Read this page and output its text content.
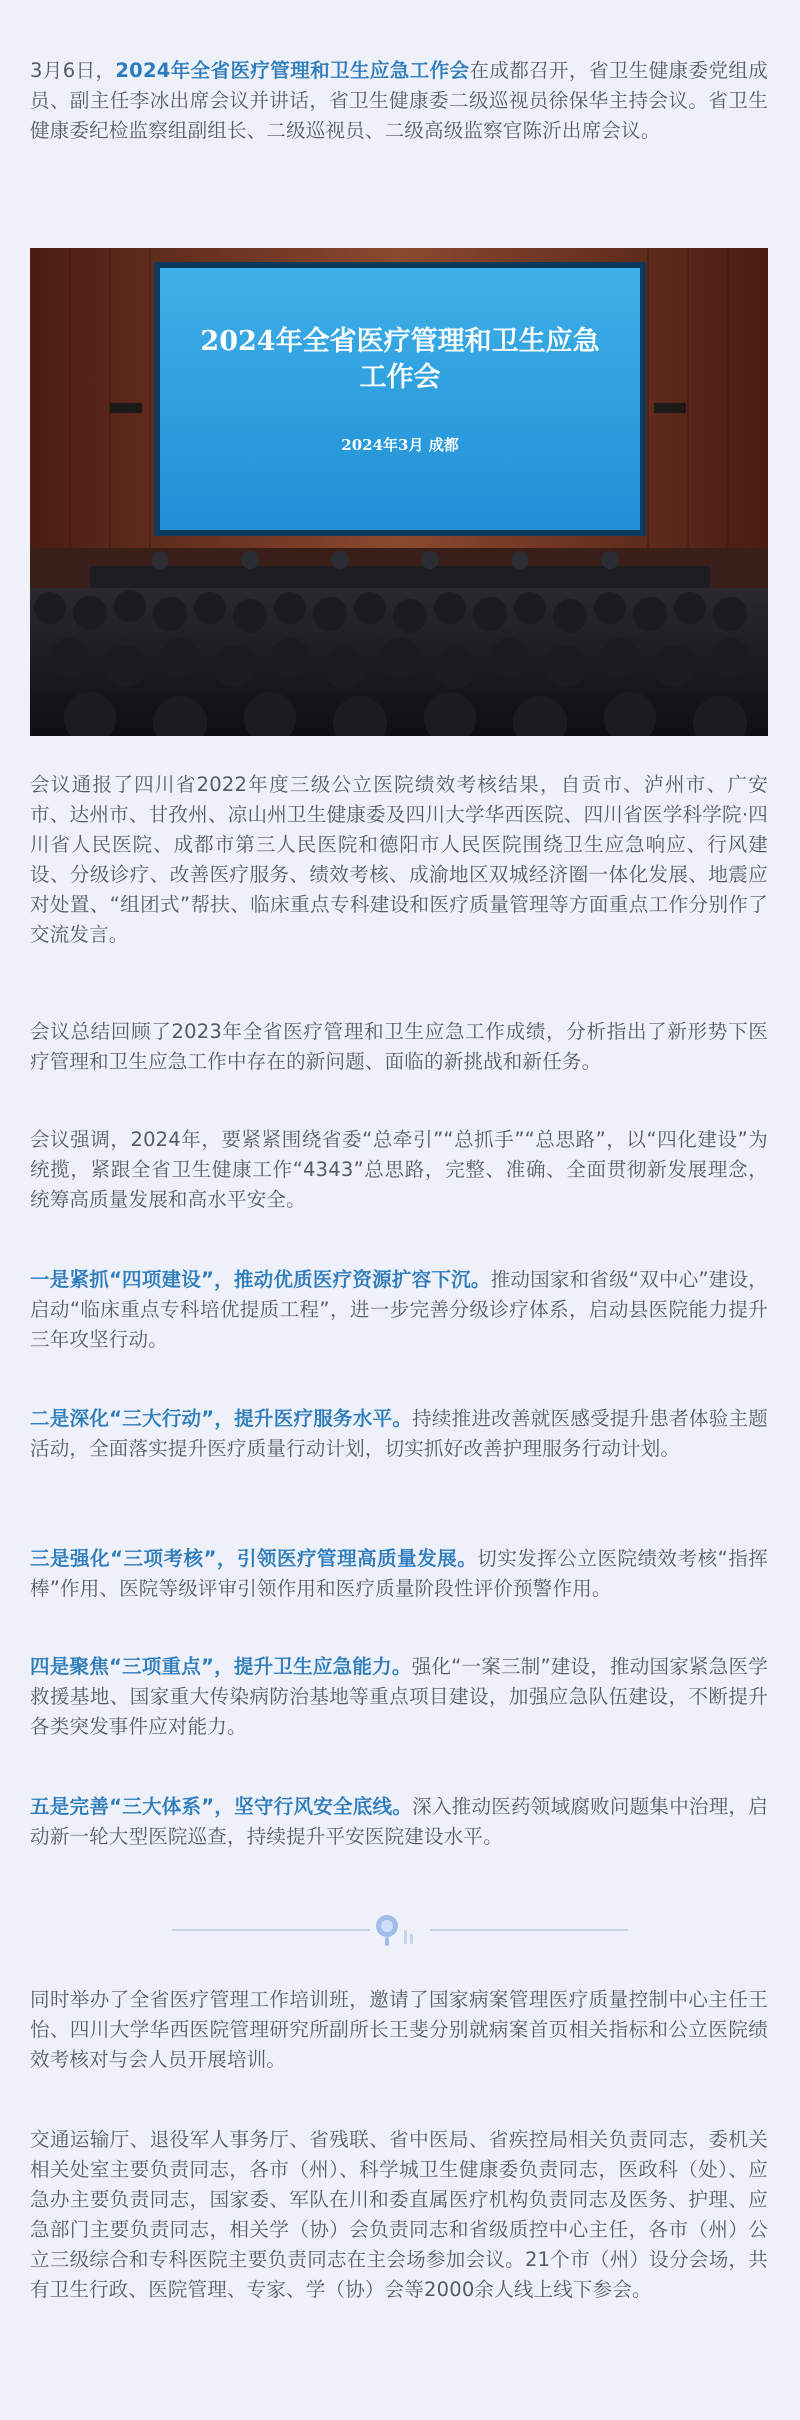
3月6日，2024年全省医疗管理和卫生应急工作会在成都召开，省卫生健康委党组成员、副主任李冰出席会议并讲话，省卫生健康委二级巡视员徐保华主持会议。省卫生健康委纪检监察组副组长、二级巡视员、二级高级监察官陈沂出席会议。

2024年全省医疗管理和卫生应急
工作会
2024年3月 成都

会议通报了四川省2022年度三级公立医院绩效考核结果，自贡市、泸州市、广安市、达州市、甘孜州、凉山州卫生健康委及四川大学华西医院、四川省医学科学院·四川省人民医院、成都市第三人民医院和德阳市人民医院围绕卫生应急响应、行风建设、分级诊疗、改善医疗服务、绩效考核、成渝地区双城经济圈一体化发展、地震应对处置、“组团式”帮扶、临床重点专科建设和医疗质量管理等方面重点工作分别作了交流发言。

会议总结回顾了2023年全省医疗管理和卫生应急工作成绩，分析指出了新形势下医疗管理和卫生应急工作中存在的新问题、面临的新挑战和新任务。

会议强调，2024年，要紧紧围绕省委“总牵引”“总抓手”“总思路”，以“四化建设”为统揽，紧跟全省卫生健康工作“4343”总思路，完整、准确、全面贯彻新发展理念，统筹高质量发展和高水平安全。

一是紧抓“四项建设”，推动优质医疗资源扩容下沉。推动国家和省级“双中心”建设，启动“临床重点专科培优提质工程”，进一步完善分级诊疗体系，启动县医院能力提升三年攻坚行动。

二是深化“三大行动”，提升医疗服务水平。持续推进改善就医感受提升患者体验主题活动，全面落实提升医疗质量行动计划，切实抓好改善护理服务行动计划。

三是强化“三项考核”，引领医疗管理高质量发展。切实发挥公立医院绩效考核“指挥棒”作用、医院等级评审引领作用和医疗质量阶段性评价预警作用。

四是聚焦“三项重点”，提升卫生应急能力。强化“一案三制”建设，推动国家紧急医学救援基地、国家重大传染病防治基地等重点项目建设，加强应急队伍建设，不断提升各类突发事件应对能力。

五是完善“三大体系”，坚守行风安全底线。深入推动医药领域腐败问题集中治理，启动新一轮大型医院巡查，持续提升平安医院建设水平。

同时举办了全省医疗管理工作培训班，邀请了国家病案管理医疗质量控制中心主任王怡、四川大学华西医院管理研究所副所长王斐分别就病案首页相关指标和公立医院绩效考核对与会人员开展培训。

交通运输厅、退役军人事务厅、省残联、省中医局、省疾控局相关负责同志，委机关相关处室主要负责同志，各市（州）、科学城卫生健康委负责同志，医政科（处）、应急办主要负责同志，国家委、军队在川和委直属医疗机构负责同志及医务、护理、应急部门主要负责同志，相关学（协）会负责同志和省级质控中心主任，各市（州）公立三级综合和专科医院主要负责同志在主会场参加会议。21个市（州）设分会场，共有卫生行政、医院管理、专家、学（协）会等2000余人线上线下参会。
